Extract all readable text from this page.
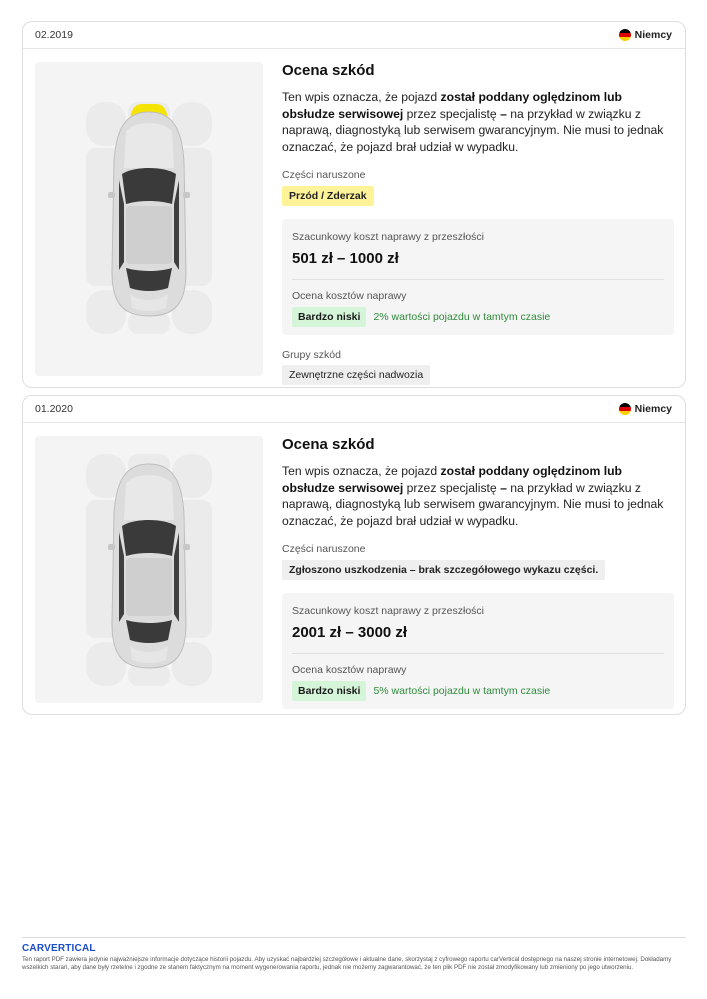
02.2019	Niemcy
Ocena szkód

Ten wpis oznacza, że pojazd został poddany oględzinom lub obsłudze serwisowej przez specjalistę – na przykład w związku z naprawą, diagnostyką lub serwisem gwarancyjnym. Nie musi to jednak oznaczać, że pojazd brał udział w wypadku.

Części naruszone
Przód / Zderzak
Szacunkowy koszt naprawy z przeszłości
501 zł – 1000 zł
Ocena kosztów naprawy
Bardzo niski	2% wartości pojazdu w tamtym czasie
Grupy szkód
Zewnętrzne części nadwozia
01.2020	Niemcy
Ocena szkód

Ten wpis oznacza, że pojazd został poddany oględzinom lub obsłudze serwisowej przez specjalistę – na przykład w związku z naprawą, diagnostyką lub serwisem gwarancyjnym. Nie musi to jednak oznaczać, że pojazd brał udział w wypadku.

Części naruszone
Zgłoszono uszkodzenia – brak szczegółowego wykazu części.
Szacunkowy koszt naprawy z przeszłości
2001 zł – 3000 zł
Ocena kosztów naprawy
Bardzo niski	5% wartości pojazdu w tamtym czasie
CARVERTICAL
Ten raport PDF zawiera jedynie najważniejsze informacje dotyczące historii pojazdu. Aby uzyskać najbardziej szczegółowe i aktualne dane, skorzystaj z cyfrowego raportu carVertical dostępnego na naszej stronie internetowej. Dokładamy wszelkich starań, aby dane były rzetelne i zgodne ze stanem faktycznym na moment wygenerowania raportu, jednak nie możemy zagwarantować, że ten plik PDF nie został zmodyfikowany lub zmieniony po jego utworzeniu.
